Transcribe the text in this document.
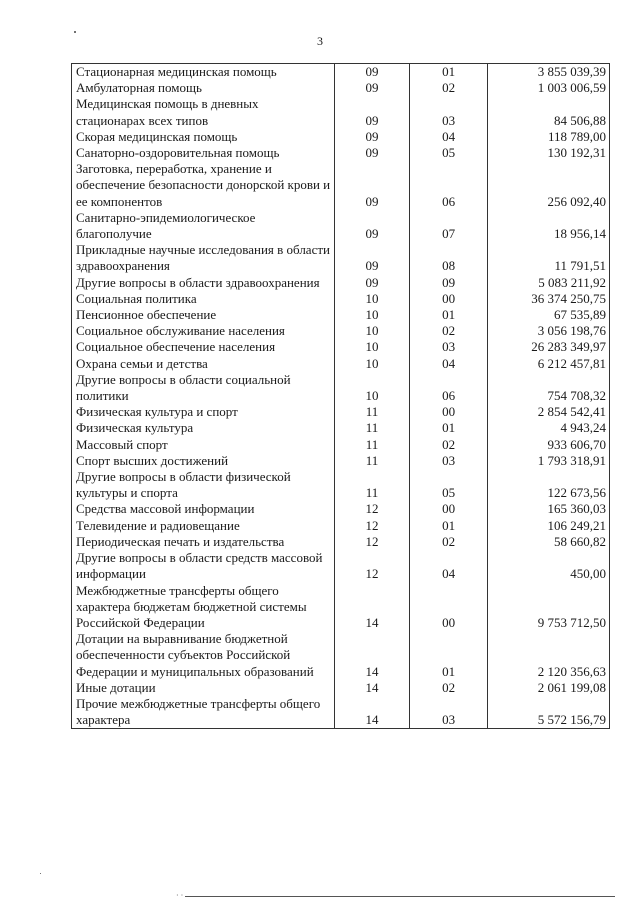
3
Стационарная медицинская помощь	09	01	3 855 039,39
Амбулаторная помощь	09	02	1 003 006,59
Медицинская помощь в дневных стационарах всех типов	09	03	84 506,88
Скорая медицинская помощь	09	04	118 789,00
Санаторно-оздоровительная помощь	09	05	130 192,31
Заготовка, переработка, хранение и обеспечение безопасности донорской крови и ее компонентов	09	06	256 092,40
Санитарно-эпидемиологическое благополучие	09	07	18 956,14
Прикладные научные исследования в области здравоохранения	09	08	11 791,51
Другие вопросы в области здравоохранения	09	09	5 083 211,92
Социальная политика	10	00	36 374 250,75
Пенсионное обеспечение	10	01	67 535,89
Социальное обслуживание населения	10	02	3 056 198,76
Социальное обеспечение населения	10	03	26 283 349,97
Охрана семьи и детства	10	04	6 212 457,81
Другие вопросы в области социальной политики	10	06	754 708,32
Физическая культура и спорт	11	00	2 854 542,41
Физическая культура	11	01	4 943,24
Массовый спорт	11	02	933 606,70
Спорт высших достижений	11	03	1 793 318,91
Другие вопросы в области физической культуры и спорта	11	05	122 673,56
Средства массовой информации	12	00	165 360,03
Телевидение и радиовещание	12	01	106 249,21
Периодическая печать и издательства	12	02	58 660,82
Другие вопросы в области средств массовой информации	12	04	450,00
Межбюджетные трансферты общего характера бюджетам бюджетной системы Российской Федерации	14	00	9 753 712,50
Дотации на выравнивание бюджетной обеспеченности субъектов Российской Федерации и муниципальных образований	14	01	2 120 356,63
Иные дотации	14	02	2 061 199,08
Прочие межбюджетные трансферты общего характера	14	03	5 572 156,79
· ·
